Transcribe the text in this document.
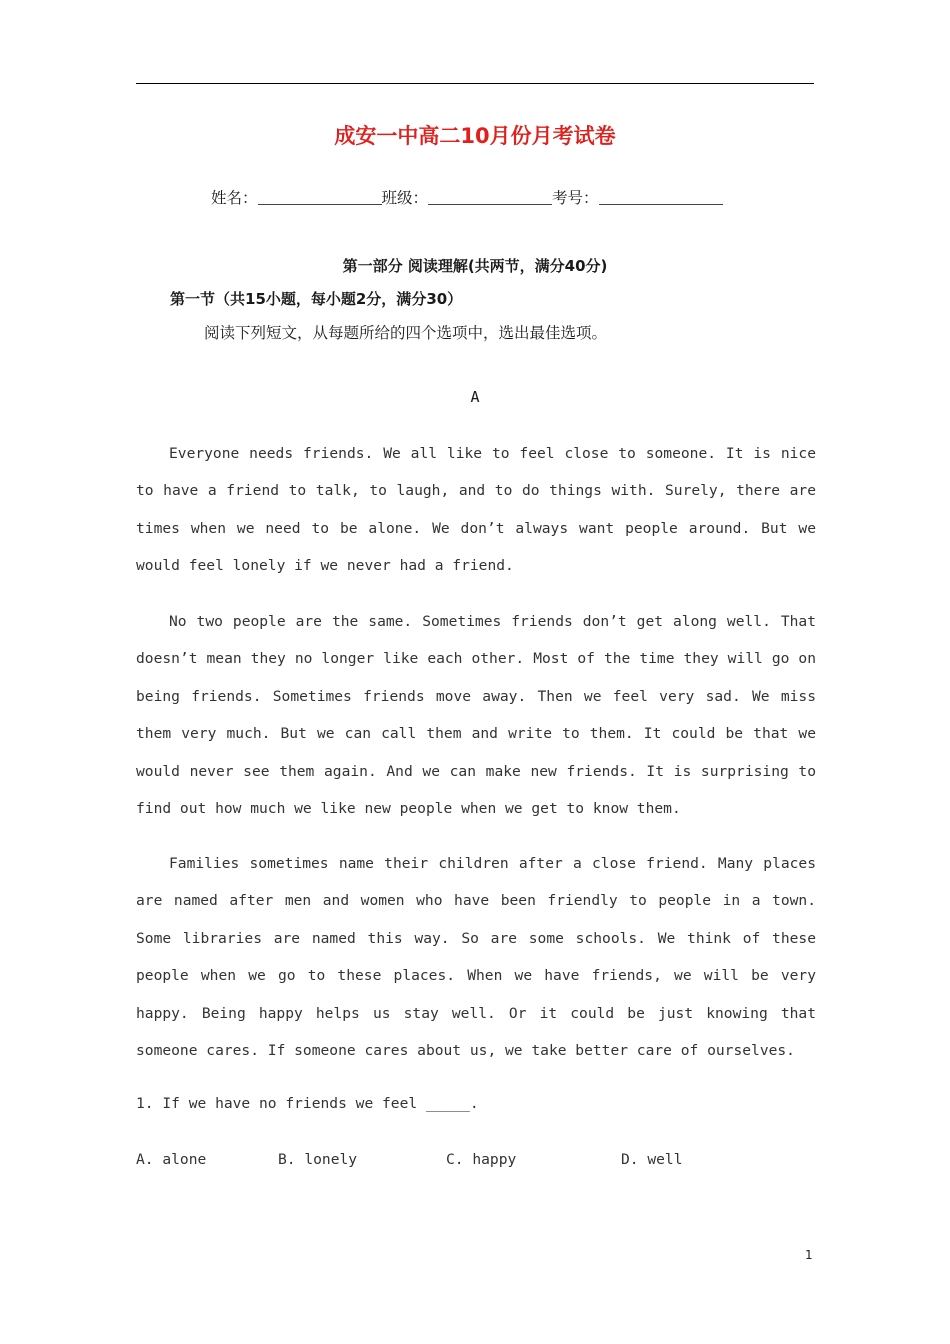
成安一中高二10月份月考试卷
姓名：	班级：	考号：
第一部分 阅读理解(共两节，满分40分)
第一节（共15小题，每小题2分，满分30）
阅读下列短文，从每题所给的四个选项中，选出最佳选项。
A
Everyone needs friends. We all like to feel close to someone. It is nice to have a friend to talk, to laugh, and to do things with. Surely, there are times when we need to be alone. We don’t always want people around. But we would feel lonely if we never had a friend.
No two people are the same. Sometimes friends don’t get along well. That doesn’t mean they no longer like each other. Most of the time they will go on being friends. Sometimes friends move away. Then we feel very sad. We miss them very much. But we can call them and write to them. It could be that we would never see them again. And we can make new friends. It is surprising to find out how much we like new people when we get to know them.
Families sometimes name their children after a close friend. Many places are named after men and women who have been friendly to people in a town. Some libraries are named this way. So are some schools. We think of these people when we go to these places. When we have friends, we will be very happy. Being happy helps us stay well. Or it could be just knowing that someone cares. If someone cares about us, we take better care of ourselves.
1. If we have no friends we feel _____.
A. alone	B. lonely	C. happy	D. well
1
